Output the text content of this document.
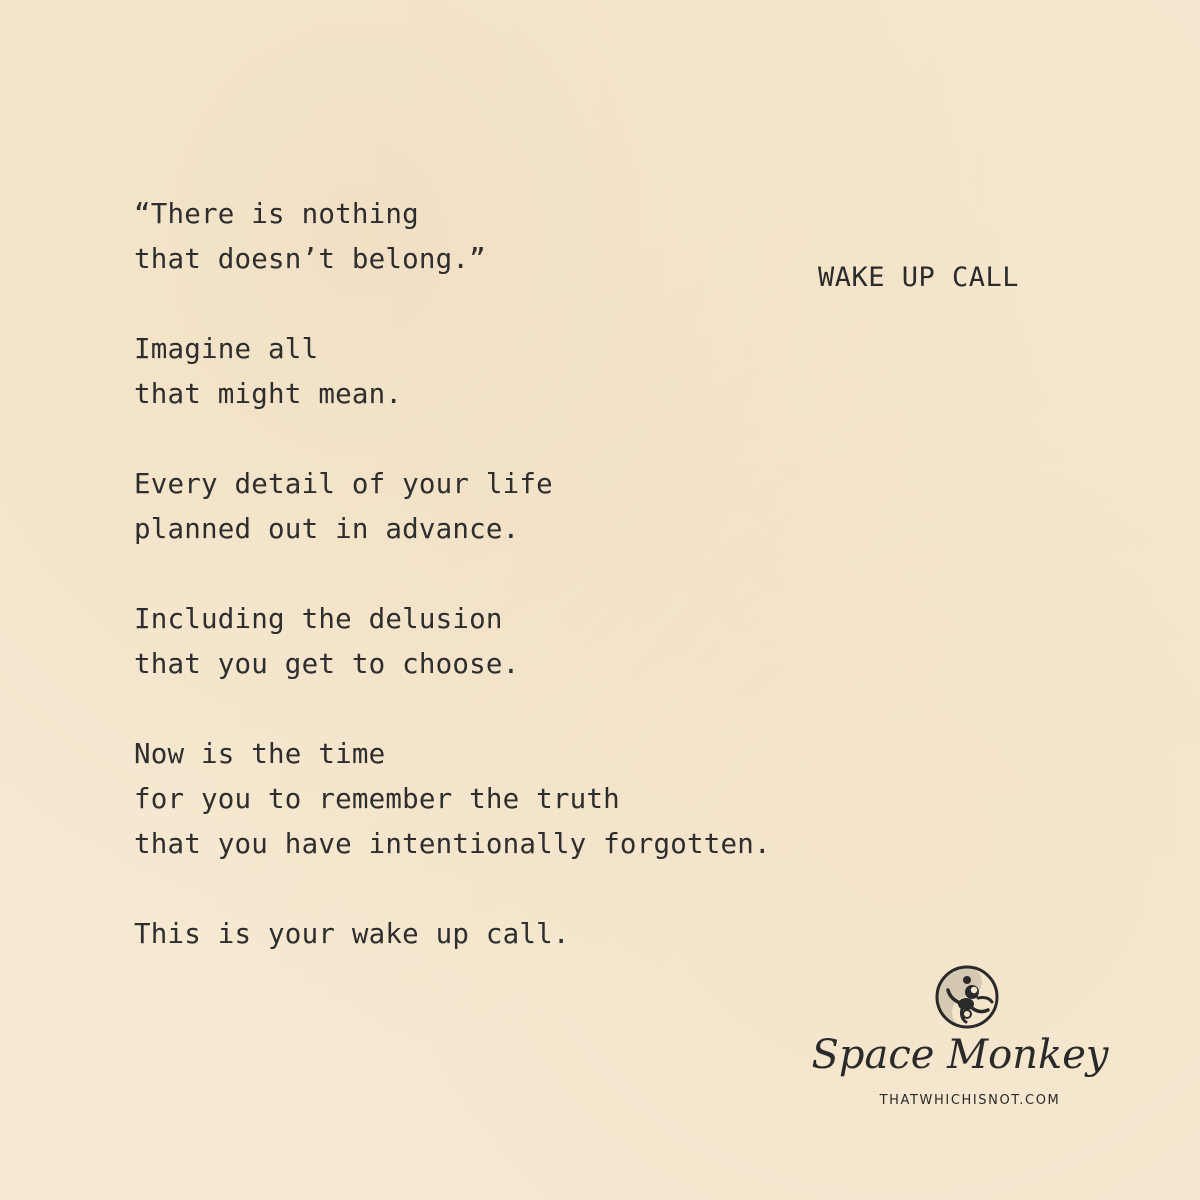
WAKE UP CALL

“There is nothing
that doesn’t belong.”

Imagine all
that might mean.

Every detail of your life
planned out in advance.

Including the delusion
that you get to choose.

Now is the time
for you to remember the truth
that you have intentionally forgotten.

This is your wake up call.

Space Monkey
THATWHICHISNOT.COM
